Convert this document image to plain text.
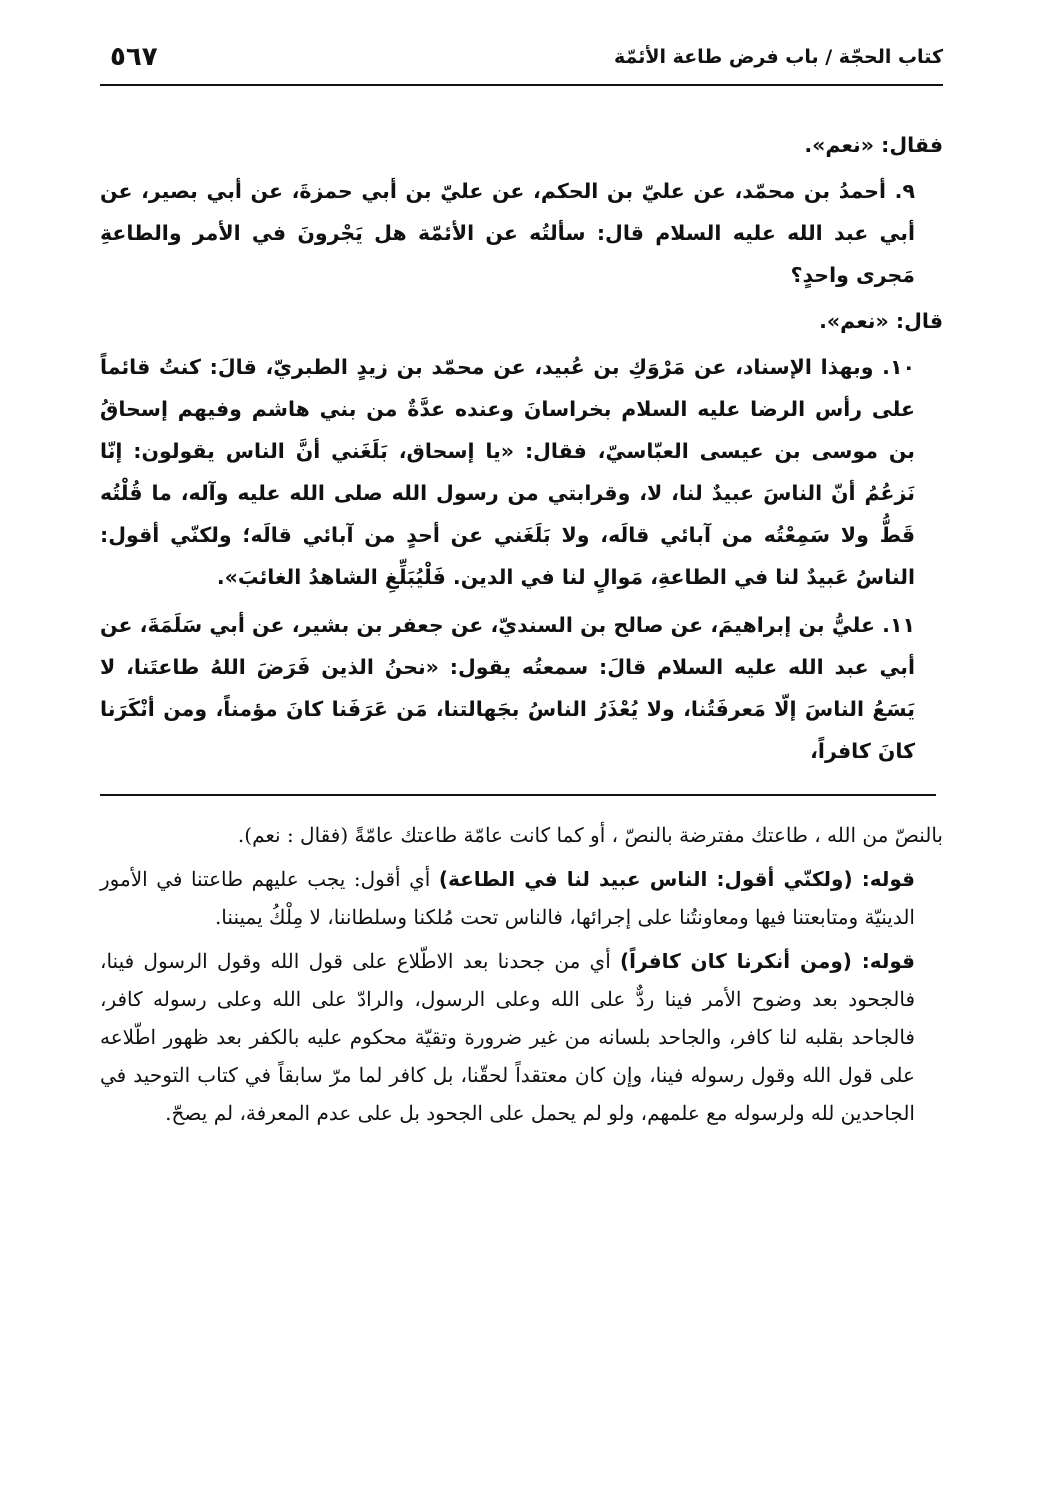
كتاب الحجّة / باب فرض طاعة الأئمّة
٥٦٧

فقال: «نعم».

٩. أحمدُ بن محمّد، عن عليّ بن الحكم، عن عليّ بن أبي حمزةَ، عن أبي بصير، عن أبي عبد الله عليه السلام قال: سألتُه عن الأئمّة هل يَجْرونَ في الأمر والطاعةِ مَجرى واحدٍ؟

قال: «نعم».

١٠. وبهذا الإسناد، عن مَرْوَكِ بن عُبيد، عن محمّد بن زيدٍ الطبريّ، قالَ: كنتُ قائماً على رأس الرضا عليه السلام بخراسانَ وعنده عدَّةٌ من بني هاشم وفيهم إسحاقُ بن موسى بن عيسى العبّاسيّ، فقال: «يا إسحاق، بَلَغَني أنَّ الناس يقولون: إنّا نَزعُمُ أنّ الناسَ عبيدٌ لنا، لا، وقرابتي من رسول الله صلى الله عليه وآله، ما قُلْتُه قَطُّ ولا سَمِعْتُه من آبائي قالَه، ولا بَلَغَني عن أحدٍ من آبائي قالَه؛ ولكنّي أقول: الناسُ عَبيدٌ لنا في الطاعةِ، مَوالٍ لنا في الدين. فَلْيُبَلِّغِ الشاهدُ الغائبَ».

١١. عليُّ بن إبراهيمَ، عن صالح بن السنديّ، عن جعفر بن بشير، عن أبي سَلَمَةَ، عن أبي عبد الله عليه السلام قالَ: سمعتُه يقول: «نحنُ الذين فَرَضَ اللهُ طاعتَنا، لا يَسَعُ الناسَ إلّا مَعرفَتُنا، ولا يُعْذَرُ الناسُ بجَهالتنا، مَن عَرَفَنا كانَ مؤمناً، ومن أنْكَرَنا كانَ كافراً،

بالنصّ من الله ، طاعتك مفترضة بالنصّ ، أو كما كانت عامّة طاعتك عامّةً (فقال : نعم).

قوله: (ولكنّي أقول: الناس عبيد لنا في الطاعة) أي أقول: يجب عليهم طاعتنا في الأمور الدينيّة ومتابعتنا فيها ومعاونتُنا على إجرائها، فالناس تحت مُلكنا وسلطاننا، لا مِلْكُ يميننا.

قوله: (ومن أنكرنا كان كافراً) أي من جحدنا بعد الاطّلاع على قول الله وقول الرسول فينا، فالجحود بعد وضوح الأمر فينا ردٌّ على الله وعلى الرسول، والرادّ على الله وعلى رسوله كافر، فالجاحد بقلبه لنا كافر، والجاحد بلسانه من غير ضرورة وتقيّة محكوم عليه بالكفر بعد ظهور اطّلاعه على قول الله وقول رسوله فينا، وإن كان معتقداً لحقّنا، بل كافر لما مرّ سابقاً في كتاب التوحيد في الجاحدين لله ولرسوله مع علمهم، ولو لم يحمل على الجحود بل على عدم المعرفة، لم يصحّ.
